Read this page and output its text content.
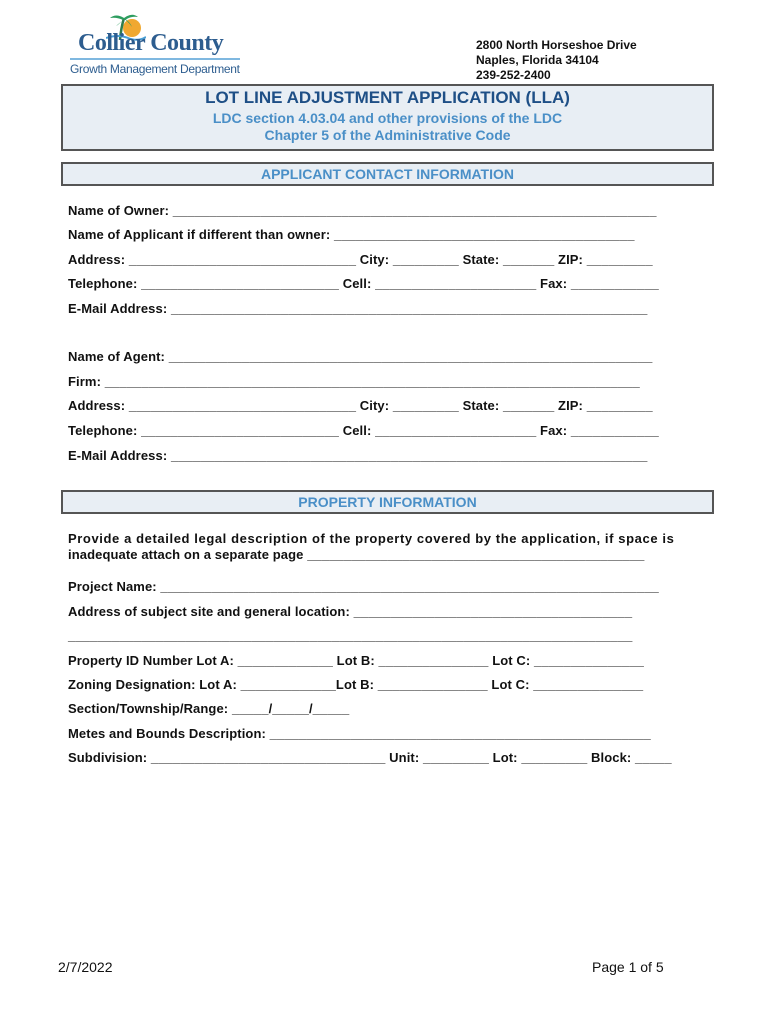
Collier County
Growth Management Department
2800 North Horseshoe Drive
Naples, Florida 34104
239-252-2400
LOT LINE ADJUSTMENT APPLICATION (LLA)
LDC section 4.03.04 and other provisions of the LDC
Chapter 5 of the Administrative Code
APPLICANT CONTACT INFORMATION
Name of Owner: __________________________________________________________________
Name of Applicant if different than owner: _________________________________________
Address: _______________________________ City: _________ State: _______ ZIP: _________
Telephone: ___________________________ Cell: ______________________ Fax: ____________
E-Mail Address: _________________________________________________________________
Name of Agent: __________________________________________________________________
Firm: _________________________________________________________________________
Address: _______________________________ City: _________ State: _______ ZIP: _________
Telephone: ___________________________ Cell: ______________________ Fax: ____________
E-Mail Address: _________________________________________________________________
PROPERTY INFORMATION
Provide a detailed legal description of the property covered by the application, if space is
inadequate attach on a separate page ______________________________________________
Project Name: ____________________________________________________________________
Address of subject site and general location: ______________________________________
_____________________________________________________________________________
Property ID Number Lot A: _____________ Lot B: _______________ Lot C: _______________
Zoning Designation: Lot A: _____________Lot B: _______________ Lot C: _______________
Section/Township/Range: _____/_____/_____
Metes and Bounds Description: ____________________________________________________
Subdivision: ________________________________ Unit: _________ Lot: _________ Block: _____
2/7/2022	Page 1 of 5
